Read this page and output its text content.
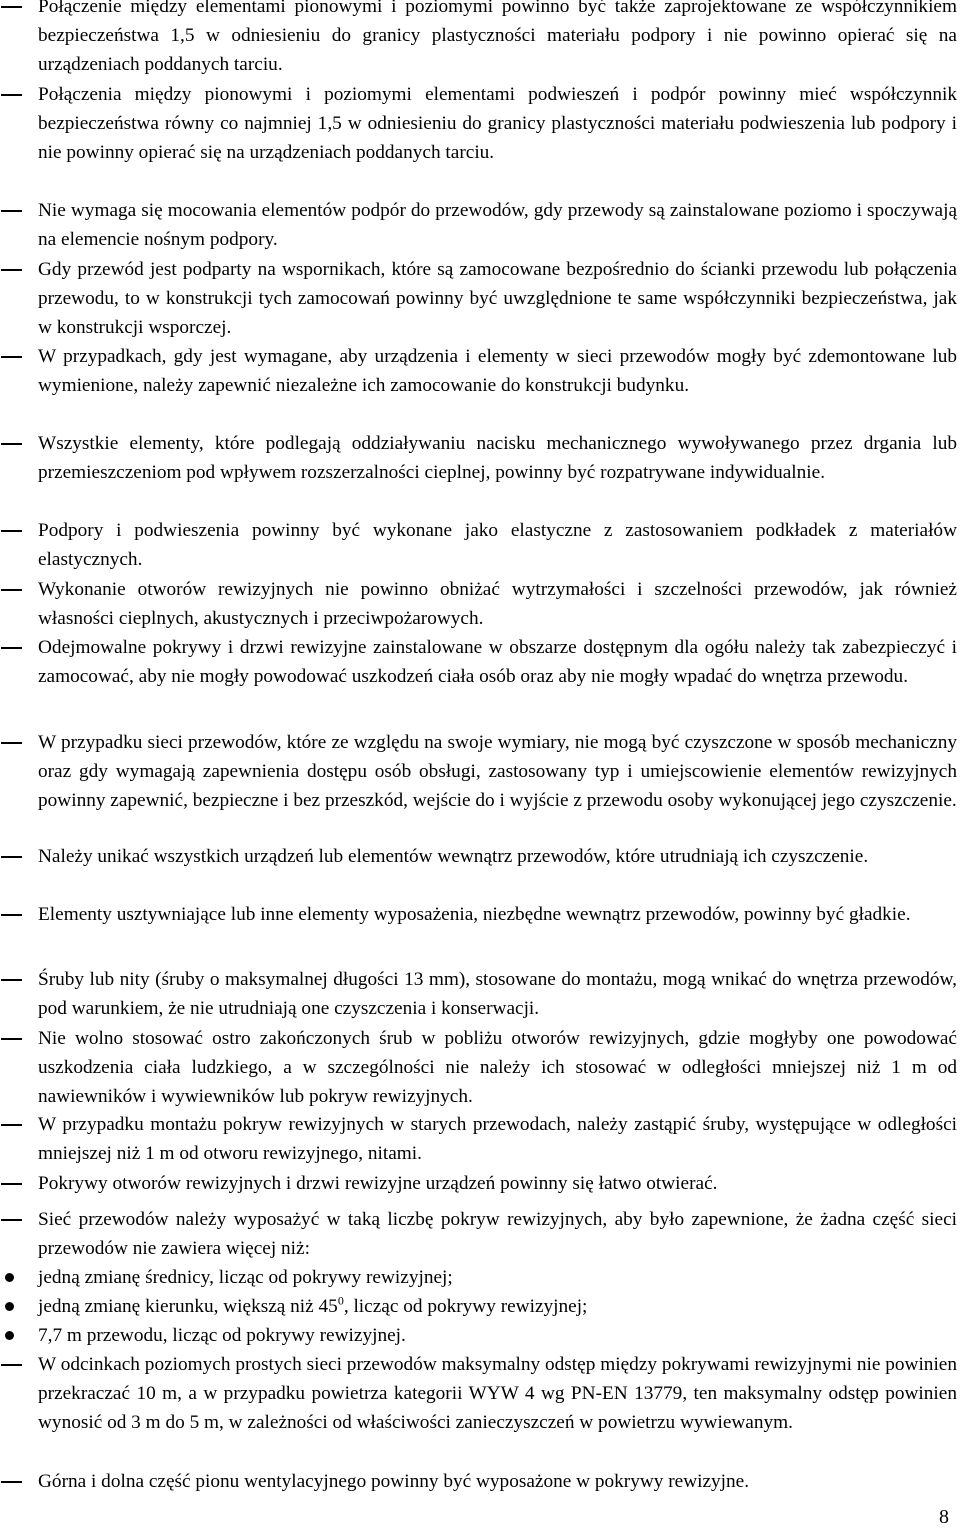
Połączenie między elementami pionowymi i poziomymi powinno być także zaprojektowane ze współczynnikiem bezpieczeństwa 1,5 w odniesieniu do granicy plastyczności materiału podpory i nie powinno opierać się na urządzeniach poddanych tarciu.
Połączenia między pionowymi i poziomymi elementami podwieszeń i podpór powinny mieć współczynnik bezpieczeństwa równy co najmniej 1,5 w odniesieniu do granicy plastyczności materiału podwieszenia lub podpory i nie powinny opierać się na urządzeniach poddanych tarciu.
Nie wymaga się mocowania elementów podpór do przewodów, gdy przewody są zainstalowane poziomo i spoczywają na elemencie nośnym podpory.
Gdy przewód jest podparty na wspornikach, które są zamocowane bezpośrednio do ścianki przewodu lub połączenia przewodu, to w konstrukcji tych zamocowań powinny być uwzględnione te same współczynniki bezpieczeństwa, jak w konstrukcji wsporczej.
W przypadkach, gdy jest wymagane, aby urządzenia i elementy w sieci przewodów mogły być zdemontowane lub wymienione, należy zapewnić niezależne ich zamocowanie do konstrukcji budynku.
Wszystkie elementy, które podlegają oddziaływaniu nacisku mechanicznego wywoływanego przez drgania lub przemieszczeniom pod wpływem rozszerzalności cieplnej, powinny być rozpatrywane indywidualnie.
Podpory i podwieszenia powinny być wykonane jako elastyczne z zastosowaniem podkładek z materiałów elastycznych.
Wykonanie otworów rewizyjnych nie powinno obniżać wytrzymałości i szczelności przewodów, jak również własności cieplnych, akustycznych i przeciwpożarowych.
Odejmowalne pokrywy i drzwi rewizyjne zainstalowane w obszarze dostępnym dla ogółu należy tak zabezpieczyć i zamocować, aby nie mogły powodować uszkodzeń ciała osób oraz aby nie mogły wpadać do wnętrza przewodu.
W przypadku sieci przewodów, które ze względu na swoje wymiary, nie mogą być czyszczone w sposób mechaniczny oraz gdy wymagają zapewnienia dostępu osób obsługi, zastosowany typ i umiejscowienie elementów rewizyjnych powinny zapewnić, bezpieczne i bez przeszkód, wejście do i wyjście z przewodu osoby wykonującej jego czyszczenie.
Należy unikać wszystkich urządzeń lub elementów wewnątrz przewodów, które utrudniają ich czyszczenie.
Elementy usztywniające lub inne elementy wyposażenia, niezbędne wewnątrz przewodów, powinny być gładkie.
Śruby lub nity (śruby o maksymalnej długości 13 mm), stosowane do montażu, mogą wnikać do wnętrza przewodów, pod warunkiem, że nie utrudniają one czyszczenia i konserwacji.
Nie wolno stosować ostro zakończonych śrub w pobliżu otworów rewizyjnych, gdzie mogłyby one powodować uszkodzenia ciała ludzkiego, a w szczególności nie należy ich stosować w odległości mniejszej niż 1 m od nawiewników i wywiewników lub pokryw rewizyjnych.
W przypadku montażu pokryw rewizyjnych w starych przewodach, należy zastąpić śruby, występujące w odległości mniejszej niż 1 m od otworu rewizyjnego, nitami.
Pokrywy otworów rewizyjnych i drzwi rewizyjne urządzeń powinny się łatwo otwierać.
Sieć przewodów należy wyposażyć w taką liczbę pokryw rewizyjnych, aby było zapewnione, że żadna część sieci przewodów nie zawiera więcej niż:
jedną zmianę średnicy, licząc od pokrywy rewizyjnej;
jedną zmianę kierunku, większą niż $45^0$, licząc od pokrywy rewizyjnej;
7,7 m przewodu, licząc od pokrywy rewizyjnej.
W odcinkach poziomych prostych sieci przewodów maksymalny odstęp między pokrywami rewizyjnymi nie powinien przekraczać 10 m, a w przypadku powietrza kategorii WYW 4 wg PN-EN 13779, ten maksymalny odstęp powinien wynosić od 3 m do 5 m, w zależności od właściwości zanieczyszczeń w powietrzu wywiewanym.
Górna i dolna część pionu wentylacyjnego powinny być wyposażone w pokrywy rewizyjne.
8
